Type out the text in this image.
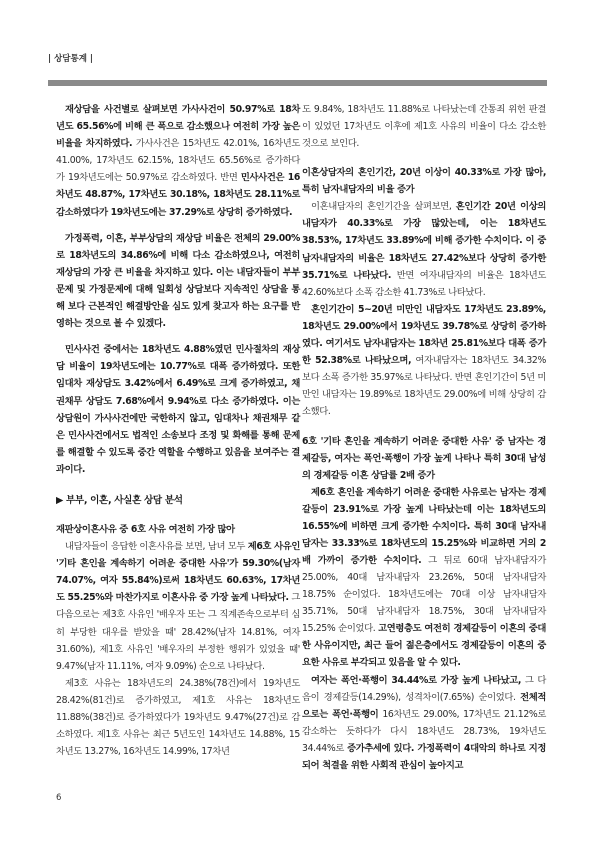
| 상담통계 |

재상담을 사건별로 살펴보면 가사사건이 50.97%로 18차년도 65.56%에 비해 큰 폭으로 감소했으나 여전히 가장 높은 비율을 차지하였다. 가사사건은 15차년도 42.01%, 16차년도 41.00%, 17차년도 62.15%, 18차년도 65.56%로 증가하다가 19차년도에는 50.97%로 감소하였다. 반면 민사사건은 16차년도 48.87%, 17차년도 30.18%, 18차년도 28.11%로 감소하였다가 19차년도에는 37.29%로 상당히 증가하였다.

가정폭력, 이혼, 부부상담의 재상담 비율은 전체의 29.00%로 18차년도의 34.86%에 비해 다소 감소하였으나, 여전히 재상담의 가장 큰 비율을 차지하고 있다. 이는 내담자들이 부부문제 및 가정문제에 대해 일회성 상담보다 지속적인 상담을 통해 보다 근본적인 해결방안을 심도 있게 찾고자 하는 요구를 반영하는 것으로 볼 수 있겠다.

민사사건 중에서는 18차년도 4.88%였던 민사절차의 재상담 비율이 19차년도에는 10.77%로 대폭 증가하였다. 또한 임대차 재상담도 3.42%에서 6.49%로 크게 증가하였고, 채권채무 상담도 7.68%에서 9.94%로 다소 증가하였다. 이는 상담원이 가사사건에만 국한하지 않고, 임대차나 채권채무 같은 민사사건에서도 법적인 소송보다 조정 및 화해를 통해 문제를 해결할 수 있도록 중간 역할을 수행하고 있음을 보여주는 결과이다.

▶ 부부, 이혼, 사실혼 상담 분석
재판상이혼사유 중 6호 사유 여전히 가장 많아

내담자들이 응답한 이혼사유를 보면, 남녀 모두 제6호 사유인 '기타 혼인을 계속하기 어려운 중대한 사유'가 59.30%(남자 74.07%, 여자 55.84%)로써 18차년도 60.63%, 17차년도 55.25%와 마찬가지로 이혼사유 중 가장 높게 나타났다. 그 다음으로는 제3호 사유인 '배우자 또는 그 직계존속으로부터 심히 부당한 대우를 받았을 때' 28.42%(남자 14.81%, 여자 31.60%), 제1호 사유인 '배우자의 부정한 행위가 있었을 때' 9.47%(남자 11.11%, 여자 9.09%) 순으로 나타났다.

제3호 사유는 18차년도의 24.38%(78건)에서 19차년도 28.42%(81건)로 증가하였고, 제1호 사유는 18차년도 11.88%(38건)로 증가하였다가 19차년도 9.47%(27건)로 감소하였다. 제1호 사유는 최근 5년도인 14차년도 14.88%, 15차년도 13.27%, 16차년도 14.99%, 17차년

도 9.84%, 18차년도 11.88%로 나타났는데 간통죄 위헌 판결이 있었던 17차년도 이후에 제1호 사유의 비율이 다소 감소한 것으로 보인다.

이혼상담자의 혼인기간, 20년 이상이 40.33%로 가장 많아, 특히 남자내담자의 비율 증가

이혼내담자의 혼인기간을 살펴보면, 혼인기간 20년 이상의 내담자가 40.33%로 가장 많았는데, 이는 18차년도 38.53%, 17차년도 33.89%에 비해 증가한 수치이다. 이 중 남자내담자의 비율은 18차년도 27.42%보다 상당히 증가한 35.71%로 나타났다. 반면 여자내담자의 비율은 18차년도 42.60%보다 소폭 감소한 41.73%로 나타났다.

혼인기간이 5~20년 미만인 내담자도 17차년도 23.89%, 18차년도 29.00%에서 19차년도 39.78%로 상당히 증가하였다. 여기서도 남자내담자는 18차년 25.81%보다 대폭 증가한 52.38%로 나타났으며, 여자내담자는 18차년도 34.32%보다 소폭 증가한 35.97%로 나타났다. 반면 혼인기간이 5년 미만인 내담자는 19.89%로 18차년도 29.00%에 비해 상당히 감소했다.

6호 '기타 혼인을 계속하기 어려운 중대한 사유' 중 남자는 경제갈등, 여자는 폭언·폭행이 가장 높게 나타나 특히 30대 남성의 경제갈등 이혼 상담률 2배 증가

제6호 혼인을 계속하기 어려운 중대한 사유로는 남자는 경제갈등이 23.91%로 가장 높게 나타났는데 이는 18차년도의 16.55%에 비하면 크게 증가한 수치이다. 특히 30대 남자내담자는 33.33%로 18차년도의 15.25%와 비교하면 거의 2배 가까이 증가한 수치이다. 그 뒤로 60대 남자내담자가 25.00%, 40대 남자내담자 23.26%, 50대 남자내담자 18.75% 순이었다. 18차년도에는 70대 이상 남자내담자 35.71%, 50대 남자내담자 18.75%, 30대 남자내담자 15.25% 순이었다. 고연령층도 여전히 경제갈등이 이혼의 중대한 사유이지만, 최근 들어 젊은층에서도 경제갈등이 이혼의 중요한 사유로 부각되고 있음을 알 수 있다.

여자는 폭언·폭행이 34.44%로 가장 높게 나타났고, 그 다음이 경제갈등(14.29%), 성격차이(7.65%) 순이었다. 전체적으로는 폭언·폭행이 16차년도 29.00%, 17차년도 21.12%로 감소하는 듯하다가 다시 18차년도 28.73%, 19차년도 34.44%로 증가추세에 있다. 가정폭력이 4대악의 하나로 지정되어 척결을 위한 사회적 관심이 높아지고

6
